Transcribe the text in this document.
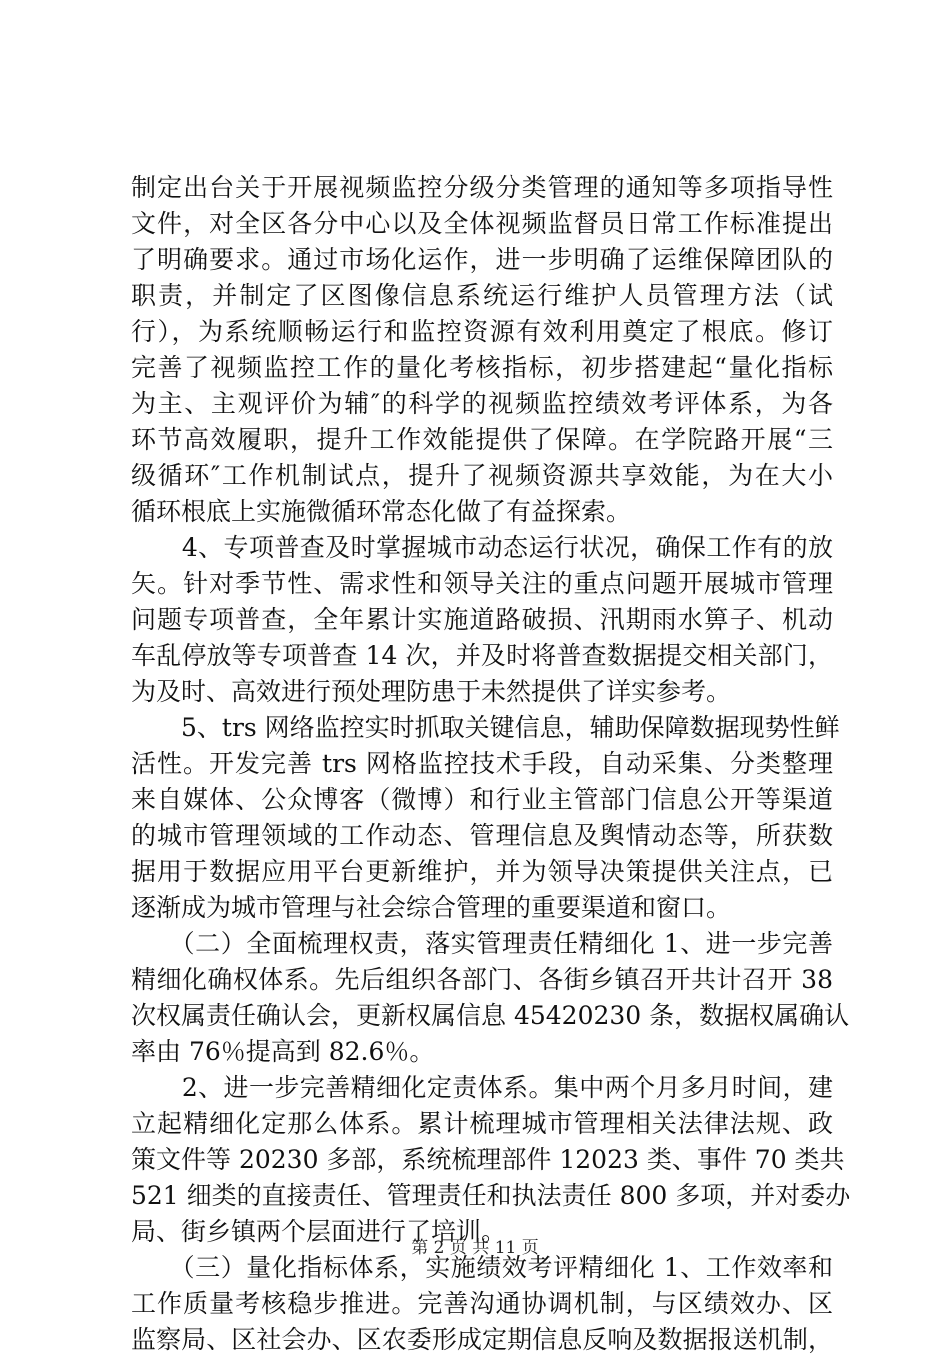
制定出台关于开展视频监控分级分类管理的通知等多项指导性
文件，对全区各分中心以及全体视频监督员日常工作标准提出
了明确要求。通过市场化运作，进一步明确了运维保障团队的
职责，并制定了区图像信息系统运行维护人员管理方法（试
行），为系统顺畅运行和监控资源有效利用奠定了根底。修订
完善了视频监控工作的量化考核指标，初步搭建起“量化指标
为主、主观评价为辅″的科学的视频监控绩效考评体系，为各
环节高效履职，提升工作效能提供了保障。在学院路开展“三
级循环″工作机制试点，提升了视频资源共享效能，为在大小
循环根底上实施微循环常态化做了有益探索。
　　4、专项普查及时掌握城市动态运行状况，确保工作有的放
矢。针对季节性、需求性和领导关注的重点问题开展城市管理
问题专项普查，全年累计实施道路破损、汛期雨水箅子、机动
车乱停放等专项普查 14 次，并及时将普查数据提交相关部门，
为及时、高效进行预处理防患于未然提供了详实参考。
　　5、trs 网络监控实时抓取关键信息，辅助保障数据现势性鲜
活性。开发完善 trs 网格监控技术手段，自动采集、分类整理
来自媒体、公众博客（微博）和行业主管部门信息公开等渠道
的城市管理领域的工作动态、管理信息及舆情动态等，所获数
据用于数据应用平台更新维护，并为领导决策提供关注点，已
逐渐成为城市管理与社会综合管理的重要渠道和窗口。
　　（二）全面梳理权责，落实管理责任精细化 1、进一步完善
精细化确权体系。先后组织各部门、各街乡镇召开共计召开 38
次权属责任确认会，更新权属信息 45420230 条，数据权属确认
率由 76％提高到 82.6％。
　　2、进一步完善精细化定责体系。集中两个月多月时间，建
立起精细化定那么体系。累计梳理城市管理相关法律法规、政
策文件等 20230 多部，系统梳理部件 12023 类、事件 70 类共
521 细类的直接责任、管理责任和执法责任 800 多项，并对委办
局、街乡镇两个层面进行了培训。
　　（三）量化指标体系，实施绩效考评精细化 1、工作效率和
工作质量考核稳步推进。完善沟通协调机制，与区绩效办、区
监察局、区社会办、区农委形成定期信息反响及数据报送机制，
第 2 页 共 11 页
